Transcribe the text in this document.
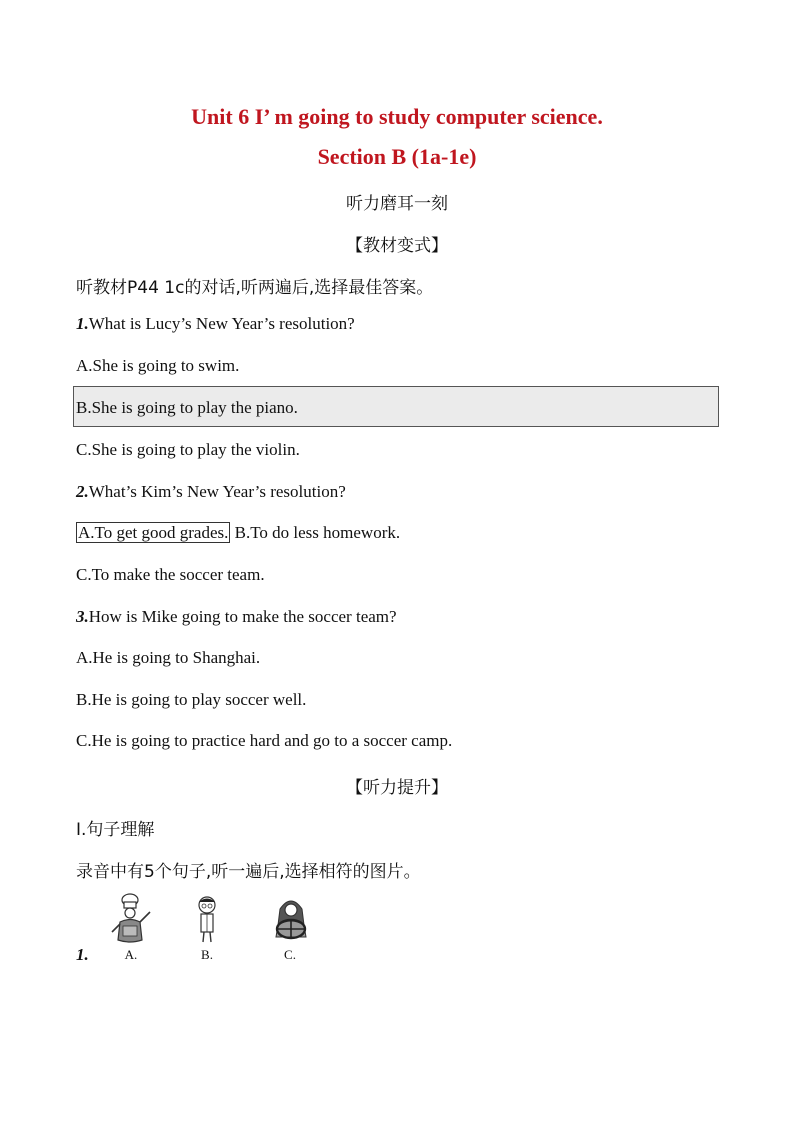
Unit 6 I’ m going to study computer science.
Section B (1a-1e)
听力磨耳一刻
【教材变式】
听教材P44 1c的对话,听两遍后,选择最佳答案。
1.What is Lucy’s New Year’s resolution?
A.She is going to swim.
B.She is going to play the piano.
C.She is going to play the violin.
2.What’s Kim’s New Year’s resolution?
A.To get good grades. B.To do less homework.
C.To make the soccer team.
3.How is Mike going to make the soccer team?
A.He is going to Shanghai.
B.He is going to play soccer well.
C.He is going to practice hard and go to a soccer camp.
【听力提升】
Ⅰ.句子理解
录音中有5个句子,听一遍后,选择相符的图片。
1.	A.	B.	C.
